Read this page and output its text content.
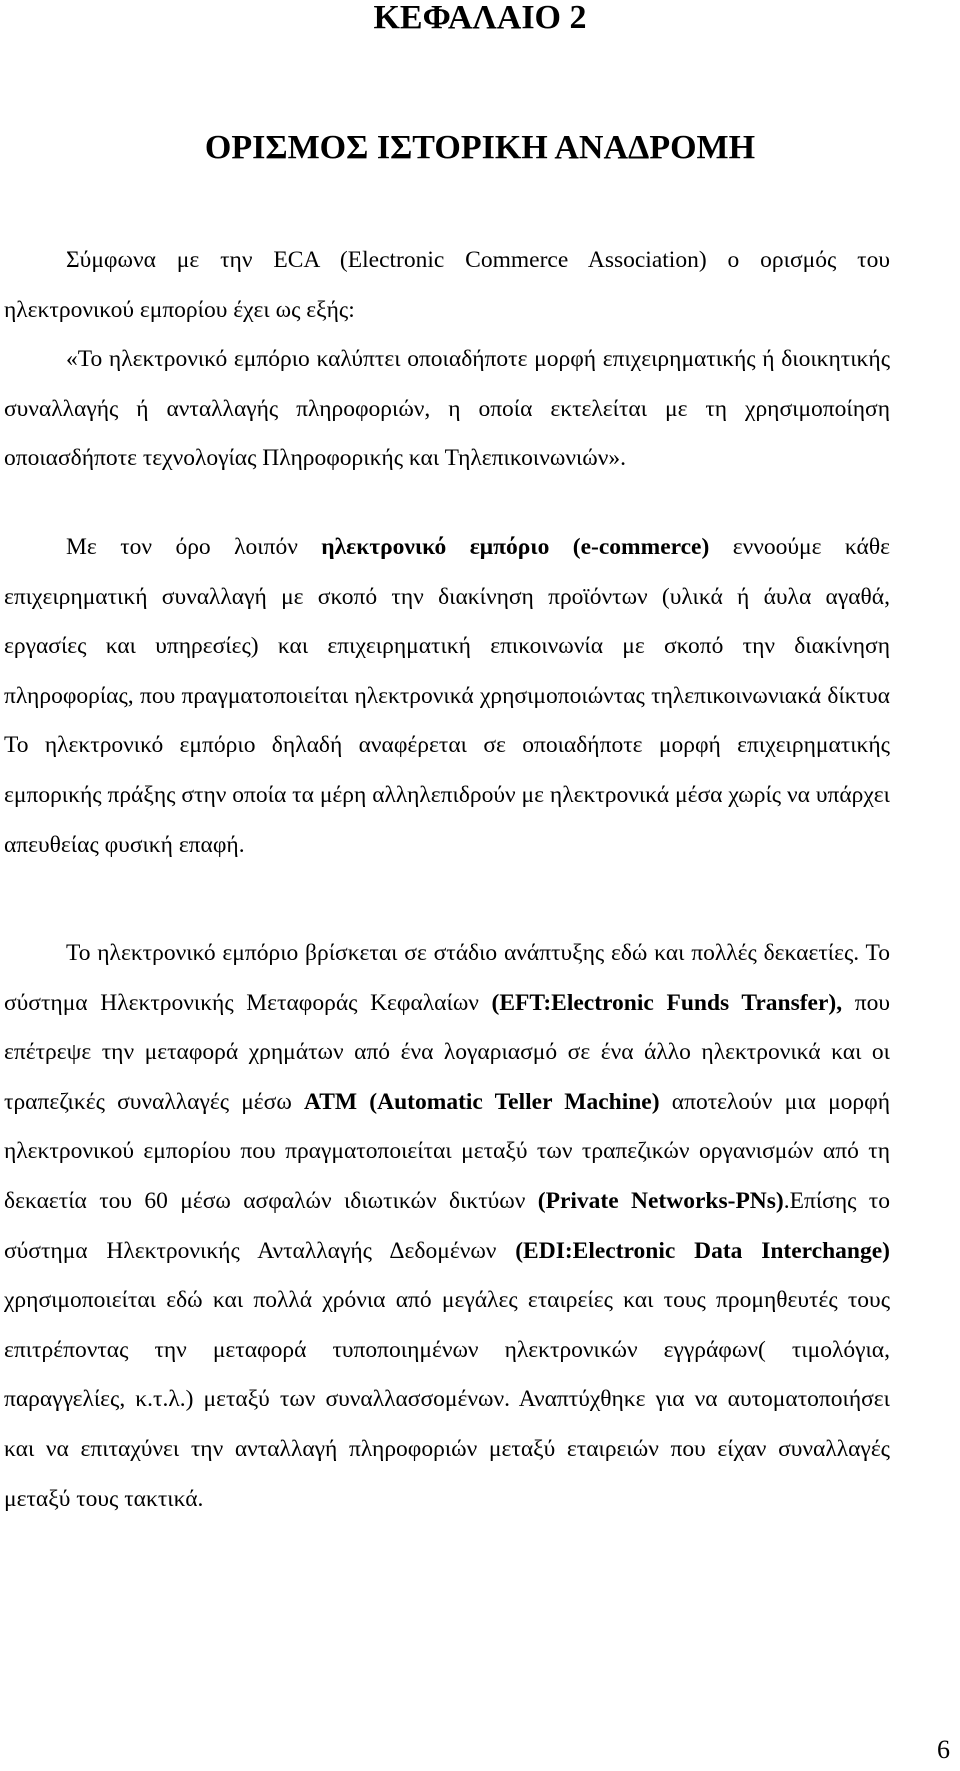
ΚΕΦΑΛΑΙΟ 2
ΟΡΙΣΜΟΣ ΙΣΤΟΡΙΚΗ ΑΝΑΔΡΟΜΗ

Σύμφωνα με την ECA (Electronic Commerce Association) ο ορισμός του ηλεκτρονικού εμπορίου έχει ως εξής:

«Το ηλεκτρονικό εμπόριο καλύπτει οποιαδήποτε μορφή επιχειρηματικής ή διοικητικής συναλλαγής ή ανταλλαγής πληροφοριών, η οποία εκτελείται με τη χρησιμοποίηση οποιασδήποτε τεχνολογίας Πληροφορικής και Τηλεπικοινωνιών».

Με τον όρο λοιπόν ηλεκτρονικό εμπόριο (e-commerce) εννοούμε κάθε επιχειρηματική συναλλαγή με σκοπό την διακίνηση προϊόντων (υλικά ή άυλα αγαθά, εργασίες και υπηρεσίες) και επιχειρηματική επικοινωνία με σκοπό την διακίνηση πληροφορίας, που πραγματοποιείται ηλεκτρονικά χρησιμοποιώντας τηλεπικοινωνιακά δίκτυα Το ηλεκτρονικό εμπόριο δηλαδή αναφέρεται σε οποιαδήποτε μορφή επιχειρηματικής εμπορικής πράξης στην οποία τα μέρη αλληλεπιδρούν με ηλεκτρονικά μέσα χωρίς να υπάρχει απευθείας φυσική επαφή.

Το ηλεκτρονικό εμπόριο βρίσκεται σε στάδιο ανάπτυξης εδώ και πολλές δεκαετίες. Το σύστημα Ηλεκτρονικής Μεταφοράς Κεφαλαίων (EFT:Electronic Funds Transfer), που επέτρεψε την μεταφορά χρημάτων από ένα λογαριασμό σε ένα άλλο ηλεκτρονικά και οι τραπεζικές συναλλαγές μέσω ATM (Automatic Teller Machine) αποτελούν μια μορφή ηλεκτρονικού εμπορίου που πραγματοποιείται μεταξύ των τραπεζικών οργανισμών από τη δεκαετία του 60 μέσω ασφαλών ιδιωτικών δικτύων (Private Networks-PNs).Επίσης το σύστημα Ηλεκτρονικής Ανταλλαγής Δεδομένων (EDI:Electronic Data Interchange) χρησιμοποιείται εδώ και πολλά χρόνια από μεγάλες εταιρείες και τους προμηθευτές τους επιτρέποντας την μεταφορά τυποποιημένων ηλεκτρονικών εγγράφων( τιμολόγια, παραγγελίες, κ.τ.λ.) μεταξύ των συναλλασσομένων. Αναπτύχθηκε για να αυτοματοποιήσει και να επιταχύνει την ανταλλαγή πληροφοριών μεταξύ εταιρειών που είχαν συναλλαγές μεταξύ τους τακτικά.

6
